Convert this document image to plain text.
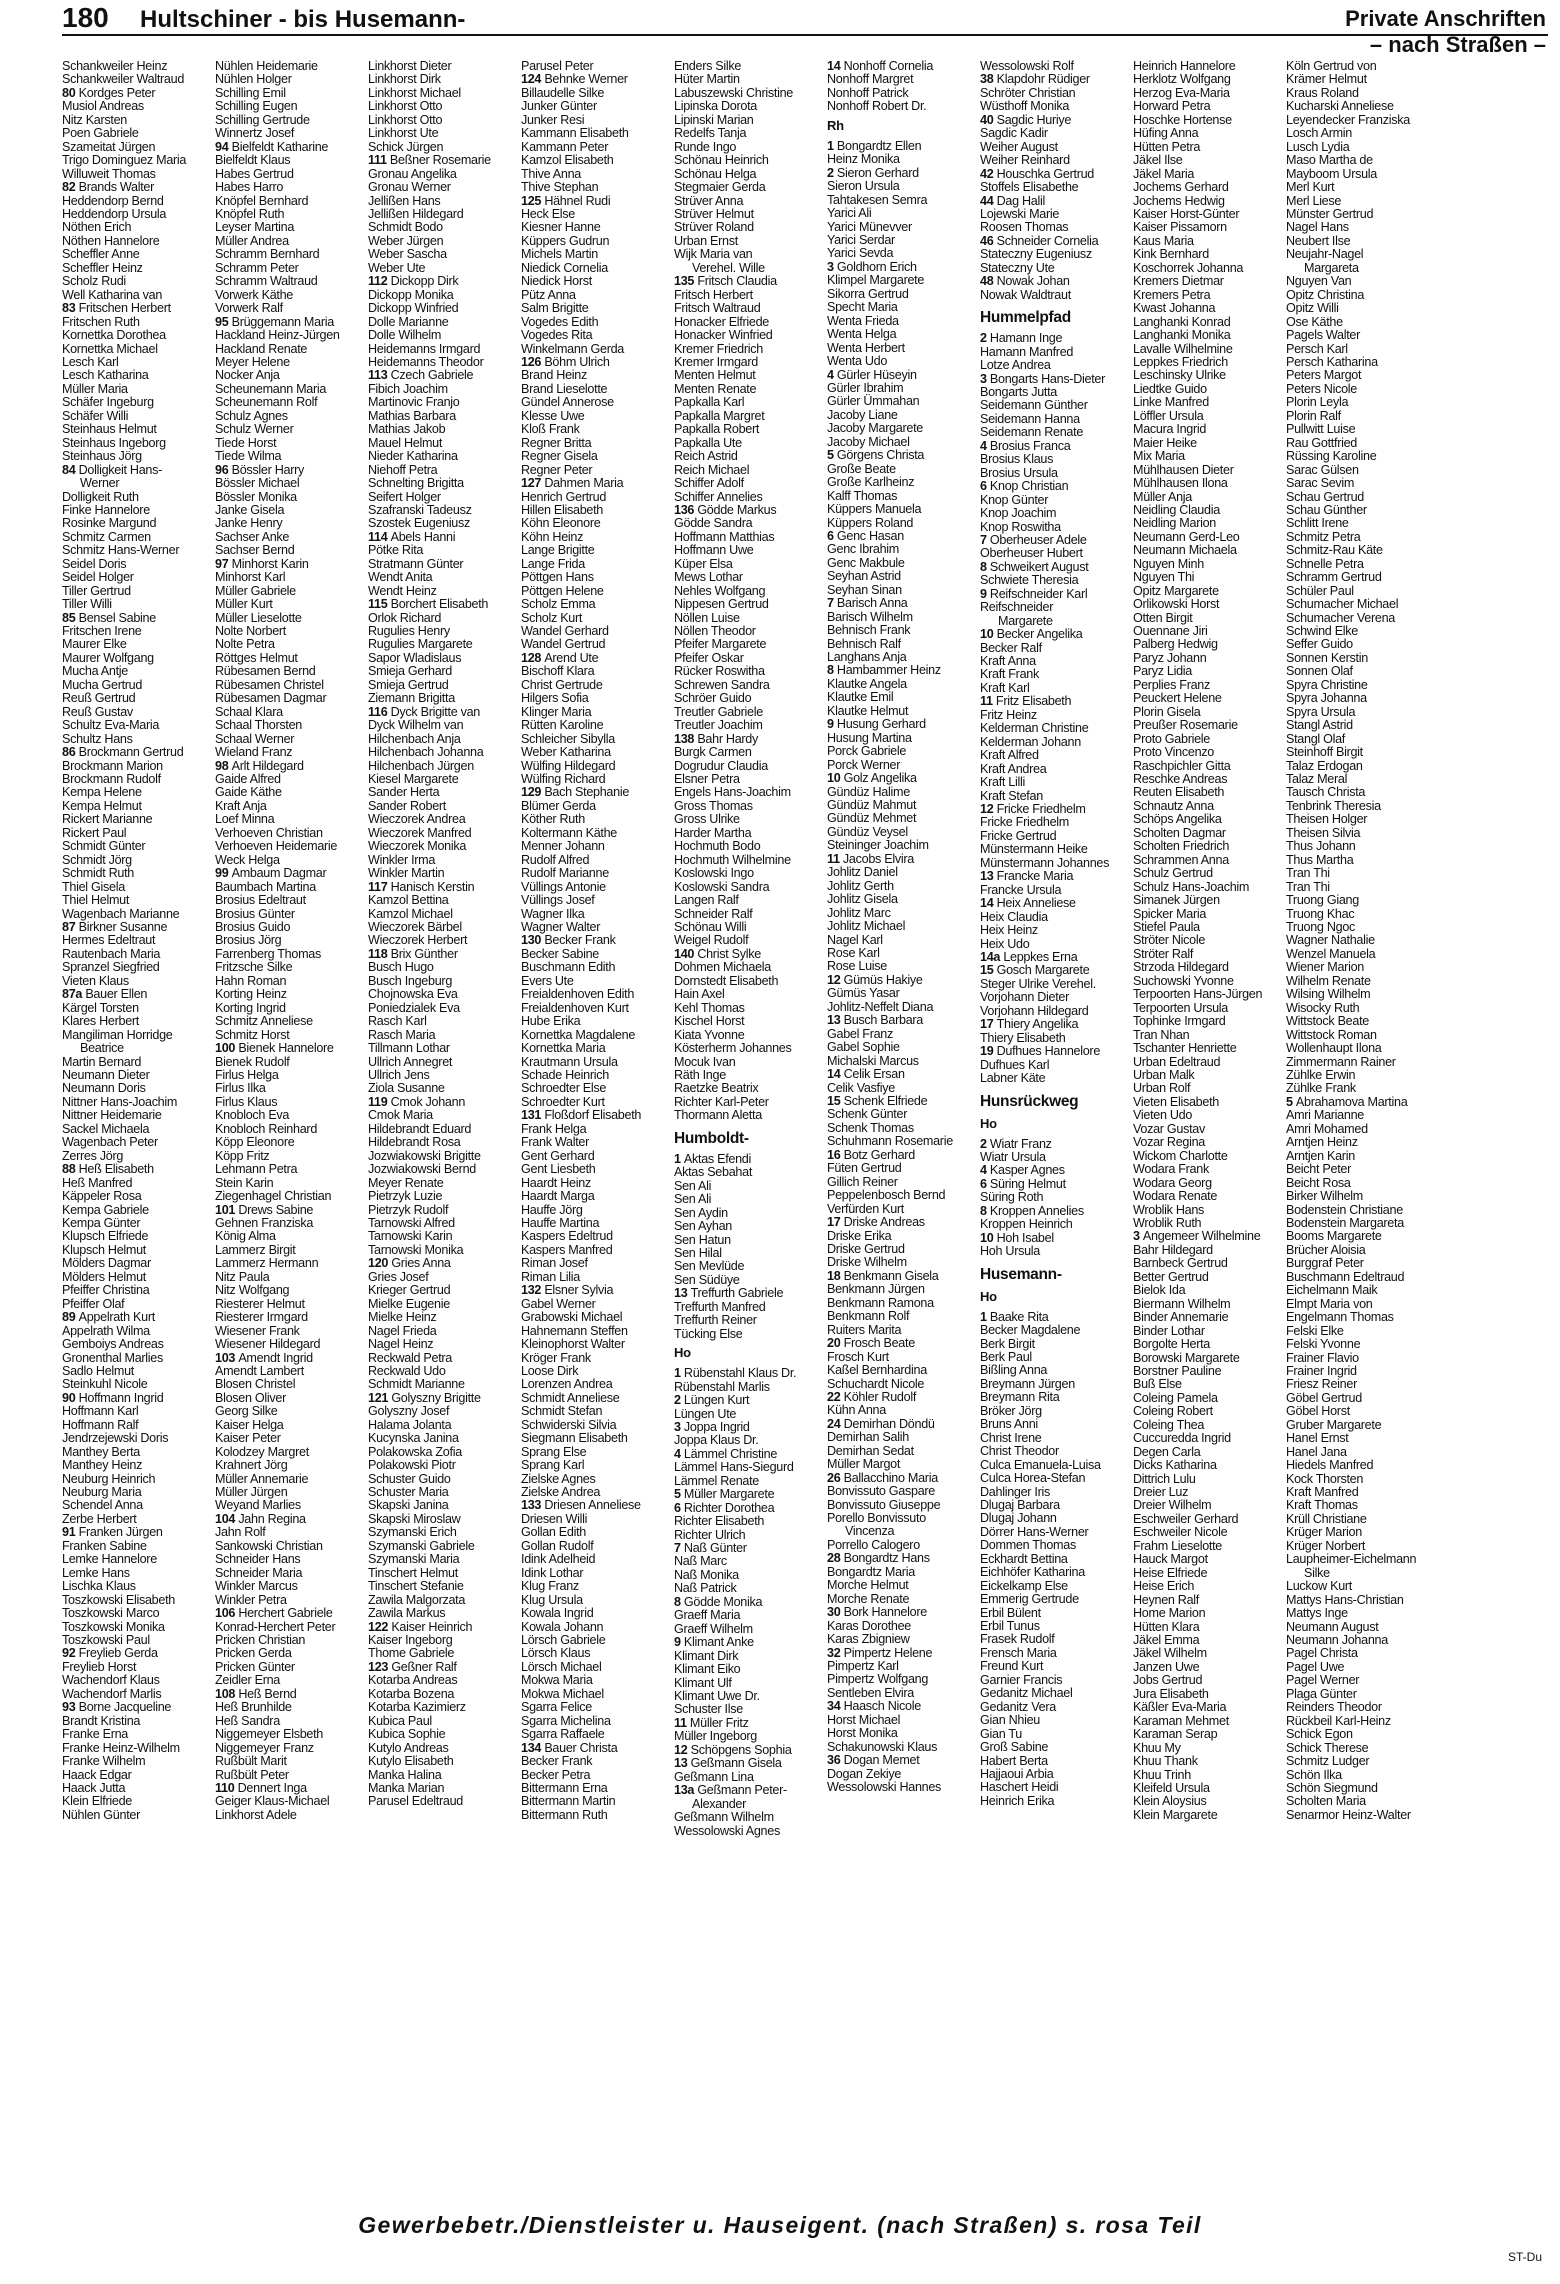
180 Hultschiner - bis Husemann-	Private Anschriften
– nach Straßen –
Schankweiler Heinz
Schankweiler Waltraud
80 Kordges Peter
Musiol Andreas
Nitz Karsten
Poen Gabriele
Szameitat Jürgen
Trigo Dominguez Maria
Willuweit Thomas
82 Brands Walter
Heddendorp Bernd
Heddendorp Ursula
Nöthen Erich
Nöthen Hannelore
Scheffler Anne
Scheffler Heinz
Scholz Rudi
Well Katharina van
83 Fritschen Herbert
Fritschen Ruth
Kornettka Dorothea
Kornettka Michael
Lesch Karl
Lesch Katharina
Müller Maria
Schäfer Ingeburg
Schäfer Willi
Steinhaus Helmut
Steinhaus Ingeborg
Steinhaus Jörg
84 Dolligkeit Hans-
Werner
Dolligkeit Ruth
Finke Hannelore
Rosinke Margund
Schmitz Carmen
Schmitz Hans-Werner
Seidel Doris
Seidel Holger
Tiller Gertrud
Tiller Willi
85 Bensel Sabine
Fritschen Irene
Maurer Elke
Maurer Wolfgang
Mucha Antje
Mucha Gertrud
Reuß Gertrud
Reuß Gustav
Schultz Eva-Maria
Schultz Hans
86 Brockmann Gertrud
Brockmann Marion
Brockmann Rudolf
Kempa Helene
Kempa Helmut
Rickert Marianne
Rickert Paul
Schmidt Günter
Schmidt Jörg
Schmidt Ruth
Thiel Gisela
Thiel Helmut
Wagenbach Marianne
87 Birkner Susanne
Hermes Edeltraut
Rautenbach Maria
Spranzel Siegfried
Vieten Klaus
87a Bauer Ellen
Kärgel Torsten
Klares Herbert
Mangiliman Horridge
Beatrice
Martin Bernard
Neumann Dieter
Neumann Doris
Nittner Hans-Joachim
Nittner Heidemarie
Sackel Michaela
Wagenbach Peter
Zerres Jörg
88 Heß Elisabeth
Heß Manfred
Käppeler Rosa
Kempa Gabriele
Kempa Günter
Klupsch Elfriede
Klupsch Helmut
Mölders Dagmar
Mölders Helmut
Pfeiffer Christina
Pfeiffer Olaf
89 Appelrath Kurt
Appelrath Wilma
Gemboiys Andreas
Gronenthal Marlies
Sadlo Helmut
Steinkuhl Nicole
90 Hoffmann Ingrid
Hoffmann Karl
Hoffmann Ralf
Jendrzejewski Doris
Manthey Berta
Manthey Heinz
Neuburg Heinrich
Neuburg Maria
Schendel Anna
Zerbe Herbert
91 Franken Jürgen
Franken Sabine
Lemke Hannelore
Lemke Hans
Lischka Klaus
Toszkowski Elisabeth
Toszkowski Marco
Toszkowski Monika
Toszkowski Paul
92 Freylieb Gerda
Freylieb Horst
Wachendorf Klaus
Wachendorf Marlis
93 Borne Jacqueline
Brandt Kristina
Franke Erna
Franke Heinz-Wilhelm
Franke Wilhelm
Haack Edgar
Haack Jutta
Klein Elfriede
Nühlen Günter
Nühlen Heidemarie
Nühlen Holger
Schilling Emil
Schilling Eugen
Schilling Gertrude
Winnertz Josef
94 Bielfeldt Katharine
Bielfeldt Klaus
Habes Gertrud
Habes Harro
Knöpfel Bernhard
Knöpfel Ruth
Leyser Martina
Müller Andrea
Schramm Bernhard
Schramm Peter
Schramm Waltraud
Vorwerk Käthe
Vorwerk Ralf
95 Brüggemann Maria
Hackland Heinz-Jürgen
Hackland Renate
Meyer Helene
Nocker Anja
Scheunemann Maria
Scheunemann Rolf
Schulz Agnes
Schulz Werner
Tiede Horst
Tiede Wilma
96 Bössler Harry
Bössler Michael
Bössler Monika
Janke Gisela
Janke Henry
Sachser Anke
Sachser Bernd
97 Minhorst Karin
Minhorst Karl
Müller Gabriele
Müller Kurt
Müller Lieselotte
Nolte Norbert
Nolte Petra
Röttges Helmut
Rübesamen Bernd
Rübesamen Christel
Rübesamen Dagmar
Schaal Klara
Schaal Thorsten
Schaal Werner
Wieland Franz
98 Arlt Hildegard
Gaide Alfred
Gaide Käthe
Kraft Anja
Loef Minna
Verhoeven Christian
Verhoeven Heidemarie
Weck Helga
99 Ambaum Dagmar
Baumbach Martina
Brosius Edeltraut
Brosius Günter
Brosius Guido
Brosius Jörg
Farrenberg Thomas
Fritzsche Silke
Hahn Roman
Korting Heinz
Korting Ingrid
Schmitz Anneliese
Schmitz Horst
100 Bienek Hannelore
Bienek Rudolf
Firlus Helga
Firlus Ilka
Firlus Klaus
Knobloch Eva
Knobloch Reinhard
Köpp Eleonore
Köpp Fritz
Lehmann Petra
Stein Karin
Ziegenhagel Christian
101 Drews Sabine
Gehnen Franziska
König Alma
Lammerz Birgit
Lammerz Hermann
Nitz Paula
Nitz Wolfgang
Riesterer Helmut
Riesterer Irmgard
Wiesener Frank
Wiesener Hildegard
103 Amendt Ingrid
Amendt Lambert
Blosen Christel
Blosen Oliver
Georg Silke
Kaiser Helga
Kaiser Peter
Kolodzey Margret
Krahnert Jörg
Müller Annemarie
Müller Jürgen
Weyand Marlies
104 Jahn Regina
Jahn Rolf
Sankowski Christian
Schneider Hans
Schneider Maria
Winkler Marcus
Winkler Petra
106 Herchert Gabriele
Konrad-Herchert Peter
Pricken Christian
Pricken Gerda
Pricken Günter
Zeidler Erna
108 Heß Bernd
Heß Brunhilde
Heß Sandra
Niggemeyer Elsbeth
Niggemeyer Franz
Rußbült Marit
Rußbült Peter
110 Dennert Inga
Geiger Klaus-Michael
Linkhorst Adele
Linkhorst Dieter
Linkhorst Dirk
Linkhorst Michael
Linkhorst Otto
Linkhorst Otto
Linkhorst Ute
Schick Jürgen
111 Beßner Rosemarie
Gronau Angelika
Gronau Werner
Jellißen Hans
Jellißen Hildegard
Schmidt Bodo
Weber Jürgen
Weber Sascha
Weber Ute
112 Dickopp Dirk
Dickopp Monika
Dickopp Winfried
Dolle Marianne
Dolle Wilhelm
Heidemanns Irmgard
Heidemanns Theodor
113 Czech Gabriele
Fibich Joachim
Martinovic Franjo
Mathias Barbara
Mathias Jakob
Mauel Helmut
Nieder Katharina
Niehoff Petra
Schnelting Brigitta
Seifert Holger
Szafranski Tadeusz
Szostek Eugeniusz
114 Abels Hanni
Pötke Rita
Stratmann Günter
Wendt Anita
Wendt Heinz
115 Borchert Elisabeth
Orlok Richard
Rugulies Henry
Rugulies Margarete
Sapor Wladislaus
Smieja Gerhard
Smieja Gertrud
Ziemann Brigitta
116 Dyck Brigitte van
Dyck Wilhelm van
Hilchenbach Anja
Hilchenbach Johanna
Hilchenbach Jürgen
Kiesel Margarete
Sander Herta
Sander Robert
Wieczorek Andrea
Wieczorek Manfred
Wieczorek Monika
Winkler Irma
Winkler Martin
117 Hanisch Kerstin
Kamzol Bettina
Kamzol Michael
Wieczorek Bärbel
Wieczorek Herbert
118 Brix Günther
Busch Hugo
Busch Ingeburg
Chojnowska Eva
Poniedzialek Eva
Rasch Karl
Rasch Maria
Tillmann Lothar
Ullrich Annegret
Ullrich Jens
Ziola Susanne
119 Cmok Johann
Cmok Maria
Hildebrandt Eduard
Hildebrandt Rosa
Jozwiakowski Brigitte
Jozwiakowski Bernd
Meyer Renate
Pietrzyk Luzie
Pietrzyk Rudolf
Tarnowski Alfred
Tarnowski Karin
Tarnowski Monika
120 Gries Anna
Gries Josef
Krieger Gertrud
Mielke Eugenie
Mielke Heinz
Nagel Frieda
Nagel Heinz
Reckwald Petra
Reckwald Udo
Schmidt Marianne
121 Golyszny Brigitte
Golyszny Josef
Halama Jolanta
Kucynska Janina
Polakowska Zofia
Polakowski Piotr
Schuster Guido
Schuster Maria
Skapski Janina
Skapski Miroslaw
Szymanski Erich
Szymanski Gabriele
Szymanski Maria
Tinschert Helmut
Tinschert Stefanie
Zawila Malgorzata
Zawila Markus
122 Kaiser Heinrich
Kaiser Ingeborg
Thome Gabriele
123 Geßner Ralf
Kotarba Andreas
Kotarba Bozena
Kotarba Kazimierz
Kubica Paul
Kubica Sophie
Kutylo Andreas
Kutylo Elisabeth
Manka Halina
Manka Marian
Parusel Edeltraud
Parusel Peter
124 Behnke Werner
Billaudelle Silke
Junker Günter
Junker Resi
Kammann Elisabeth
Kammann Peter
Kamzol Elisabeth
Thive Anna
Thive Stephan
125 Hähnel Rudi
Heck Else
Kiesner Hanne
Küppers Gudrun
Michels Martin
Niedick Cornelia
Niedick Horst
Pütz Anna
Salm Brigitte
Vogedes Edith
Vogedes Rita
Winkelmann Gerda
126 Böhm Ulrich
Brand Heinz
Brand Lieselotte
Gündel Annerose
Klesse Uwe
Kloß Frank
Regner Britta
Regner Gisela
Regner Peter
127 Dahmen Maria
Henrich Gertrud
Hillen Elisabeth
Köhn Eleonore
Köhn Heinz
Lange Brigitte
Lange Frida
Pöttgen Hans
Pöttgen Helene
Scholz Emma
Scholz Kurt
Wandel Gerhard
Wandel Gertrud
128 Arend Ute
Bischoff Klara
Christ Gertrude
Hilgers Sofia
Klinger Maria
Rütten Karoline
Schleicher Sibylla
Weber Katharina
Wülfing Hildegard
Wülfing Richard
129 Bach Stephanie
Blümer Gerda
Köther Ruth
Koltermann Käthe
Menner Johann
Rudolf Alfred
Rudolf Marianne
Vüllings Antonie
Vüllings Josef
Wagner Ilka
Wagner Walter
130 Becker Frank
Becker Sabine
Buschmann Edith
Evers Ute
Freialdenhoven Edith
Freialdenhoven Kurt
Hube Erika
Kornettka Magdalene
Kornettka Maria
Krautmann Ursula
Schade Heinrich
Schroedter Else
Schroedter Kurt
131 Floßdorf Elisabeth
Frank Helga
Frank Walter
Gent Gerhard
Gent Liesbeth
Haardt Heinz
Haardt Marga
Hauffe Jörg
Hauffe Martina
Kaspers Edeltrud
Kaspers Manfred
Riman Josef
Riman Lilia
132 Elsner Sylvia
Gabel Werner
Grabowski Michael
Hahnemann Steffen
Kleinophorst Walter
Kröger Frank
Loose Dirk
Lorenzen Andrea
Schmidt Anneliese
Schmidt Stefan
Schwiderski Silvia
Siegmann Elisabeth
Sprang Else
Sprang Karl
Zielske Agnes
Zielske Andrea
133 Driesen Anneliese
Driesen Willi
Gollan Edith
Gollan Rudolf
Idink Adelheid
Idink Lothar
Klug Franz
Klug Ursula
Kowala Ingrid
Kowala Johann
Lörsch Gabriele
Lörsch Klaus
Lörsch Michael
Mokwa Maria
Mokwa Michael
Sgarra Felice
Sgarra Michelina
Sgarra Raffaele
134 Bauer Christa
Becker Frank
Becker Petra
Bittermann Erna
Bittermann Martin
Bittermann Ruth
Enders Silke
Hüter Martin
Labuszewski Christine
Lipinska Dorota
Lipinski Marian
Redelfs Tanja
Runde Ingo
Schönau Heinrich
Schönau Helga
Stegmaier Gerda
Strüver Anna
Strüver Helmut
Strüver Roland
Urban Ernst
Wijk Maria van
Verehel. Wille
135 Fritsch Claudia
Fritsch Herbert
Fritsch Waltraud
Honacker Elfriede
Honacker Winfried
Kremer Friedrich
Kremer Irmgard
Menten Helmut
Menten Renate
Papkalla Karl
Papkalla Margret
Papkalla Robert
Papkalla Ute
Reich Astrid
Reich Michael
Schiffer Adolf
Schiffer Annelies
136 Gödde Markus
Gödde Sandra
Hoffmann Matthias
Hoffmann Uwe
Küper Elsa
Mews Lothar
Nehles Wolfgang
Nippesen Gertrud
Nöllen Luise
Nöllen Theodor
Pfeifer Margarete
Pfeifer Oskar
Rücker Roswitha
Schrewen Sandra
Schröer Guido
Treutler Gabriele
Treutler Joachim
138 Bahr Hardy
Burgk Carmen
Dogrudur Claudia
Elsner Petra
Engels Hans-Joachim
Gross Thomas
Gross Ulrike
Harder Martha
Hochmuth Bodo
Hochmuth Wilhelmine
Koslowski Ingo
Koslowski Sandra
Langen Ralf
Schneider Ralf
Schönau Willi
Weigel Rudolf
140 Christ Sylke
Dohmen Michaela
Dornstedt Elisabeth
Hain Axel
Kehl Thomas
Kischel Horst
Kiata Yvonne
Kösterherm Johannes
Mocuk Ivan
Räth Inge
Raetzke Beatrix
Richter Karl-Peter
Thormann Aletta
Humboldt-
1 Aktas Efendi
Aktas Sebahat
Sen Ali
Sen Ali
Sen Aydin
Sen Ayhan
Sen Hatun
Sen Hilal
Sen Mevlüde
Sen Südüye
13 Treffurth Gabriele
Treffurth Manfred
Treffurth Reiner
Tücking Else
Ho
1 Rübenstahl Klaus Dr.
Rübenstahl Marlis
2 Lüngen Kurt
Lüngen Ute
3 Joppa Ingrid
Joppa Klaus Dr.
4 Lämmel Christine
Lämmel Hans-Siegurd
Lämmel Renate
5 Müller Margarete
6 Richter Dorothea
Richter Elisabeth
Richter Ulrich
7 Naß Günter
Naß Marc
Naß Monika
Naß Patrick
8 Gödde Monika
Graeff Maria
Graeff Wilhelm
9 Klimant Anke
Klimant Dirk
Klimant Eiko
Klimant Ulf
Klimant Uwe Dr.
Schuster Ilse
11 Müller Fritz
Müller Ingeborg
12 Schöpgens Sophia
13 Geßmann Gisela
Geßmann Lina
13a Geßmann Peter-
Alexander
Geßmann Wilhelm
Wessolowski Agnes
14 Nonhoff Cornelia
Nonhoff Margret
Nonhoff Patrick
Nonhoff Robert Dr.
Rh
1 Bongardtz Ellen
Heinz Monika
2 Sieron Gerhard
Sieron Ursula
Tahtakesen Semra
Yarici Ali
Yarici Münevver
Yarici Serdar
Yarici Sevda
3 Goldhorn Erich
Klimpel Margarete
Sikorra Gertrud
Specht Maria
Wenta Frieda
Wenta Helga
Wenta Herbert
Wenta Udo
4 Gürler Hüseyin
Gürler Ibrahim
Gürler Ümmahan
Jacoby Liane
Jacoby Margarete
Jacoby Michael
5 Görgens Christa
Große Beate
Große Karlheinz
Kalff Thomas
Küppers Manuela
Küppers Roland
6 Genc Hasan
Genc Ibrahim
Genc Makbule
Seyhan Astrid
Seyhan Sinan
7 Barisch Anna
Barisch Wilhelm
Behnisch Frank
Behnisch Ralf
Langhans Anja
8 Hambammer Heinz
Klautke Angela
Klautke Emil
Klautke Helmut
9 Husung Gerhard
Husung Martina
Porck Gabriele
Porck Werner
10 Golz Angelika
Gündüz Halime
Gündüz Mahmut
Gündüz Mehmet
Gündüz Veysel
Steininger Joachim
11 Jacobs Elvira
Johlitz Daniel
Johlitz Gerth
Johlitz Gisela
Johlitz Marc
Johlitz Michael
Nagel Karl
Rose Karl
Rose Luise
12 Gümüs Hakiye
Gümüs Yasar
Johlitz-Neffelt Diana
13 Busch Barbara
Gabel Franz
Gabel Sophie
Michalski Marcus
14 Celik Ersan
Celik Vasfiye
15 Schenk Elfriede
Schenk Günter
Schenk Thomas
Schuhmann Rosemarie
16 Botz Gerhard
Füten Gertrud
Gillich Reiner
Peppelenbosch Bernd
Verfürden Kurt
17 Driske Andreas
Driske Erika
Driske Gertrud
Driske Wilhelm
18 Benkmann Gisela
Benkmann Jürgen
Benkmann Ramona
Benkmann Rolf
Ruiters Marita
20 Frosch Beate
Frosch Kurt
Kaßel Bernhardina
Schuchardt Nicole
22 Köhler Rudolf
Kühn Anna
24 Demirhan Döndü
Demirhan Salih
Demirhan Sedat
Müller Margot
26 Ballacchino Maria
Bonvissuto Gaspare
Bonvissuto Giuseppe
Porello Bonvissuto
Vincenza
Porrello Calogero
28 Bongardtz Hans
Bongardtz Maria
Morche Helmut
Morche Renate
30 Bork Hannelore
Karas Dorothee
Karas Zbigniew
32 Pimpertz Helene
Pimpertz Karl
Pimpertz Wolfgang
Sentleben Elvira
34 Haasch Nicole
Horst Michael
Horst Monika
Schakunowski Klaus
36 Dogan Memet
Dogan Zekiye
Wessolowski Hannes
Wessolowski Rolf
38 Klapdohr Rüdiger
Schröter Christian
Wüsthoff Monika
40 Sagdic Huriye
Sagdic Kadir
Weiher August
Weiher Reinhard
42 Houschka Gertrud
Stoffels Elisabethe
44 Dag Halil
Lojewski Marie
Roosen Thomas
46 Schneider Cornelia
Stateczny Eugeniusz
Stateczny Ute
48 Nowak Johan
Nowak Waldtraut
Hummelpfad
2 Hamann Inge
Hamann Manfred
Lotze Andrea
3 Bongarts Hans-Dieter
Bongarts Jutta
Seidemann Günther
Seidemann Hanna
Seidemann Renate
4 Brosius Franca
Brosius Klaus
Brosius Ursula
6 Knop Christian
Knop Günter
Knop Joachim
Knop Roswitha
7 Oberheuser Adele
Oberheuser Hubert
8 Schweikert August
Schwiete Theresia
9 Reifschneider Karl
Reifschneider
Margarete
10 Becker Angelika
Becker Ralf
Kraft Anna
Kraft Frank
Kraft Karl
11 Fritz Elisabeth
Fritz Heinz
Kelderman Christine
Kelderman Johann
Kraft Alfred
Kraft Andrea
Kraft Lilli
Kraft Stefan
12 Fricke Friedhelm
Fricke Friedhelm
Fricke Gertrud
Münstermann Heike
Münstermann Johannes
13 Francke Maria
Francke Ursula
14 Heix Anneliese
Heix Claudia
Heix Heinz
Heix Udo
14a Leppkes Erna
15 Gosch Margarete
Steger Ulrike Verehel.
Vorjohann Dieter
Vorjohann Hildegard
17 Thiery Angelika
Thiery Elisabeth
19 Dufhues Hannelore
Dufhues Karl
Labner Käte
Hunsrückweg
Ho
2 Wiatr Franz
Wiatr Ursula
4 Kasper Agnes
6 Süring Helmut
Süring Roth
8 Kroppen Annelies
Kroppen Heinrich
10 Hoh Isabel
Hoh Ursula
Husemann-
Ho
1 Baake Rita
Becker Magdalene
Berk Birgit
Berk Paul
Bißling Anna
Breymann Jürgen
Breymann Rita
Bröker Jörg
Bruns Anni
Christ Irene
Christ Theodor
Culca Emanuela-Luisa
Culca Horea-Stefan
Dahlinger Iris
Dlugaj Barbara
Dlugaj Johann
Dörrer Hans-Werner
Dommen Thomas
Eckhardt Bettina
Eichhöfer Katharina
Eickelkamp Else
Emmerig Gertrude
Erbil Bülent
Erbil Tunus
Frasek Rudolf
Frensch Maria
Freund Kurt
Garnier Francis
Gedanitz Michael
Gedanitz Vera
Gian Nhieu
Gian Tu
Groß Sabine
Habert Berta
Hajjaoui Arbia
Haschert Heidi
Heinrich Erika
Heinrich Hannelore
Herklotz Wolfgang
Herzog Eva-Maria
Horward Petra
Hoschke Hortense
Hüfing Anna
Hütten Petra
Jäkel Ilse
Jäkel Maria
Jochems Gerhard
Jochems Hedwig
Kaiser Horst-Günter
Kaiser Pissamorn
Kaus Maria
Kink Bernhard
Koschorrek Johanna
Kremers Dietmar
Kremers Petra
Kwast Johanna
Langhanki Konrad
Langhanki Monika
Lavalle Wilhelmine
Leppkes Friedrich
Leschinsky Ulrike
Liedtke Guido
Linke Manfred
Löffler Ursula
Macura Ingrid
Maier Heike
Mix Maria
Mühlhausen Dieter
Mühlhausen Ilona
Müller Anja
Neidling Claudia
Neidling Marion
Neumann Gerd-Leo
Neumann Michaela
Nguyen Minh
Nguyen Thi
Opitz Margarete
Orlikowski Horst
Otten Birgit
Ouennane Jiri
Palberg Hedwig
Paryz Johann
Paryz Lidia
Perplies Franz
Peuckert Helene
Plorin Gisela
Preußer Rosemarie
Proto Gabriele
Proto Vincenzo
Raschpichler Gitta
Reschke Andreas
Reuten Elisabeth
Schnautz Anna
Schöps Angelika
Scholten Dagmar
Scholten Friedrich
Schrammen Anna
Schulz Gertrud
Schulz Hans-Joachim
Simanek Jürgen
Spicker Maria
Stiefel Paula
Ströter Nicole
Ströter Ralf
Strzoda Hildegard
Suchowski Yvonne
Terpoorten Hans-Jürgen
Terpoorten Ursula
Tophinke Irmgard
Tran Nhan
Tschanter Henriette
Urban Edeltraud
Urban Malk
Urban Rolf
Vieten Elisabeth
Vieten Udo
Vozar Gustav
Vozar Regina
Wickom Charlotte
Wodara Frank
Wodara Georg
Wodara Renate
Wroblik Hans
Wroblik Ruth
3 Angemeer Wilhelmine
Bahr Hildegard
Barnbeck Gertrud
Better Gertrud
Bielok Ida
Biermann Wilhelm
Binder Annemarie
Binder Lothar
Borgolte Herta
Borowski Margarete
Borstner Pauline
Buß Else
Coleing Pamela
Coleing Robert
Coleing Thea
Cuccuredda Ingrid
Degen Carla
Dicks Katharina
Dittrich Lulu
Dreier Luz
Dreier Wilhelm
Eschweiler Gerhard
Eschweiler Nicole
Frahm Lieselotte
Hauck Margot
Heise Elfriede
Heise Erich
Heynen Ralf
Home Marion
Hütten Klara
Jäkel Emma
Jäkel Wilhelm
Janzen Uwe
Jobs Gertrud
Jura Elisabeth
Käßler Eva-Maria
Karaman Mehmet
Karaman Serap
Khuu My
Khuu Thank
Khuu Trinh
Kleifeld Ursula
Klein Aloysius
Klein Margarete
Köln Gertrud von
Krämer Helmut
Kraus Roland
Kucharski Anneliese
Leyendecker Franziska
Losch Armin
Lusch Lydia
Maso Martha de
Mayboom Ursula
Merl Kurt
Merl Liese
Münster Gertrud
Nagel Hans
Neubert Ilse
Neujahr-Nagel
Margareta
Nguyen Van
Opitz Christina
Opitz Willi
Ose Käthe
Pagels Walter
Persch Karl
Persch Katharina
Peters Margot
Peters Nicole
Plorin Leyla
Plorin Ralf
Pullwitt Luise
Rau Gottfried
Rüssing Karoline
Sarac Gülsen
Sarac Sevim
Schau Gertrud
Schau Günther
Schlitt Irene
Schmitz Petra
Schmitz-Rau Käte
Schnelle Petra
Schramm Gertrud
Schüler Paul
Schumacher Michael
Schumacher Verena
Schwind Elke
Seffer Guido
Sonnen Kerstin
Sonnen Olaf
Spyra Christine
Spyra Johanna
Spyra Ursula
Stangl Astrid
Stangl Olaf
Steinhoff Birgit
Talaz Erdogan
Talaz Meral
Tausch Christa
Tenbrink Theresia
Theisen Holger
Theisen Silvia
Thus Johann
Thus Martha
Tran Thi
Tran Thi
Truong Giang
Truong Khac
Truong Ngoc
Wagner Nathalie
Wenzel Manuela
Wiener Marion
Wilhelm Renate
Wilsing Wilhelm
Wisocky Ruth
Wittstock Beate
Wittstock Roman
Wollenhaupt Ilona
Zimmermann Rainer
Zühlke Erwin
Zühlke Frank
5 Abrahamova Martina
Amri Marianne
Amri Mohamed
Arntjen Heinz
Arntjen Karin
Beicht Peter
Beicht Rosa
Birker Wilhelm
Bodenstein Christiane
Bodenstein Margareta
Booms Margarete
Brücher Aloisia
Burggraf Peter
Buschmann Edeltraud
Eichelmann Maik
Elmpt Maria von
Engelmann Thomas
Felski Elke
Felski Yvonne
Frainer Flavio
Frainer Ingrid
Friesz Reiner
Göbel Gertrud
Göbel Horst
Gruber Margarete
Hanel Ernst
Hanel Jana
Hiedels Manfred
Kock Thorsten
Kraft Manfred
Kraft Thomas
Krüll Christiane
Krüger Marion
Krüger Norbert
Laupheimer-Eichelmann
Silke
Luckow Kurt
Mattys Hans-Christian
Mattys Inge
Neumann August
Neumann Johanna
Pagel Christa
Pagel Uwe
Pagel Werner
Plaga Günter
Reinders Theodor
Rückbeil Karl-Heinz
Schick Egon
Schick Therese
Schmitz Ludger
Schön Ilka
Schön Siegmund
Scholten Maria
Senarmor Heinz-Walter
Gewerbebetr./Dienstleister u. Hauseigent. (nach Straßen) s. rosa Teil
ST-Du
